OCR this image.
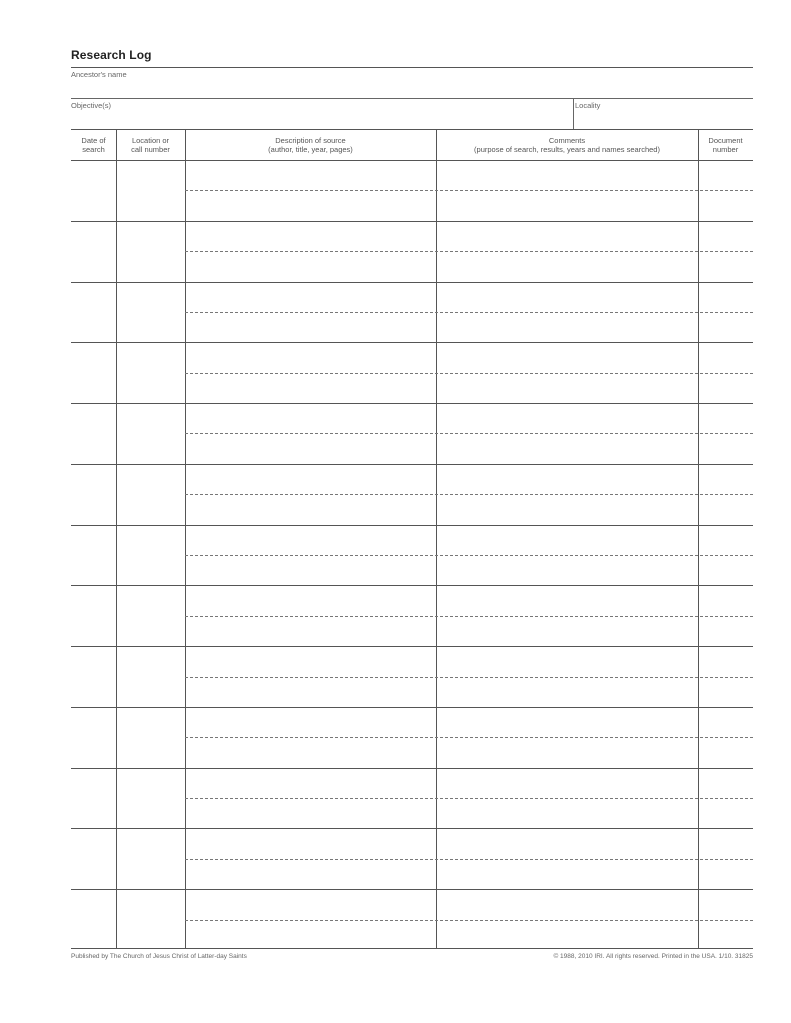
Research Log
Ancestor's name
Objective(s)	Locality
Date of
search
Location or
call number
Description of source
(author, title, year, pages)
Comments
(purpose of search, results, years and names searched)
Document
number
Published by The Church of Jesus Christ of Latter-day Saints	© 1988, 2010 IRI. All rights reserved. Printed in the USA. 1/10. 31825
